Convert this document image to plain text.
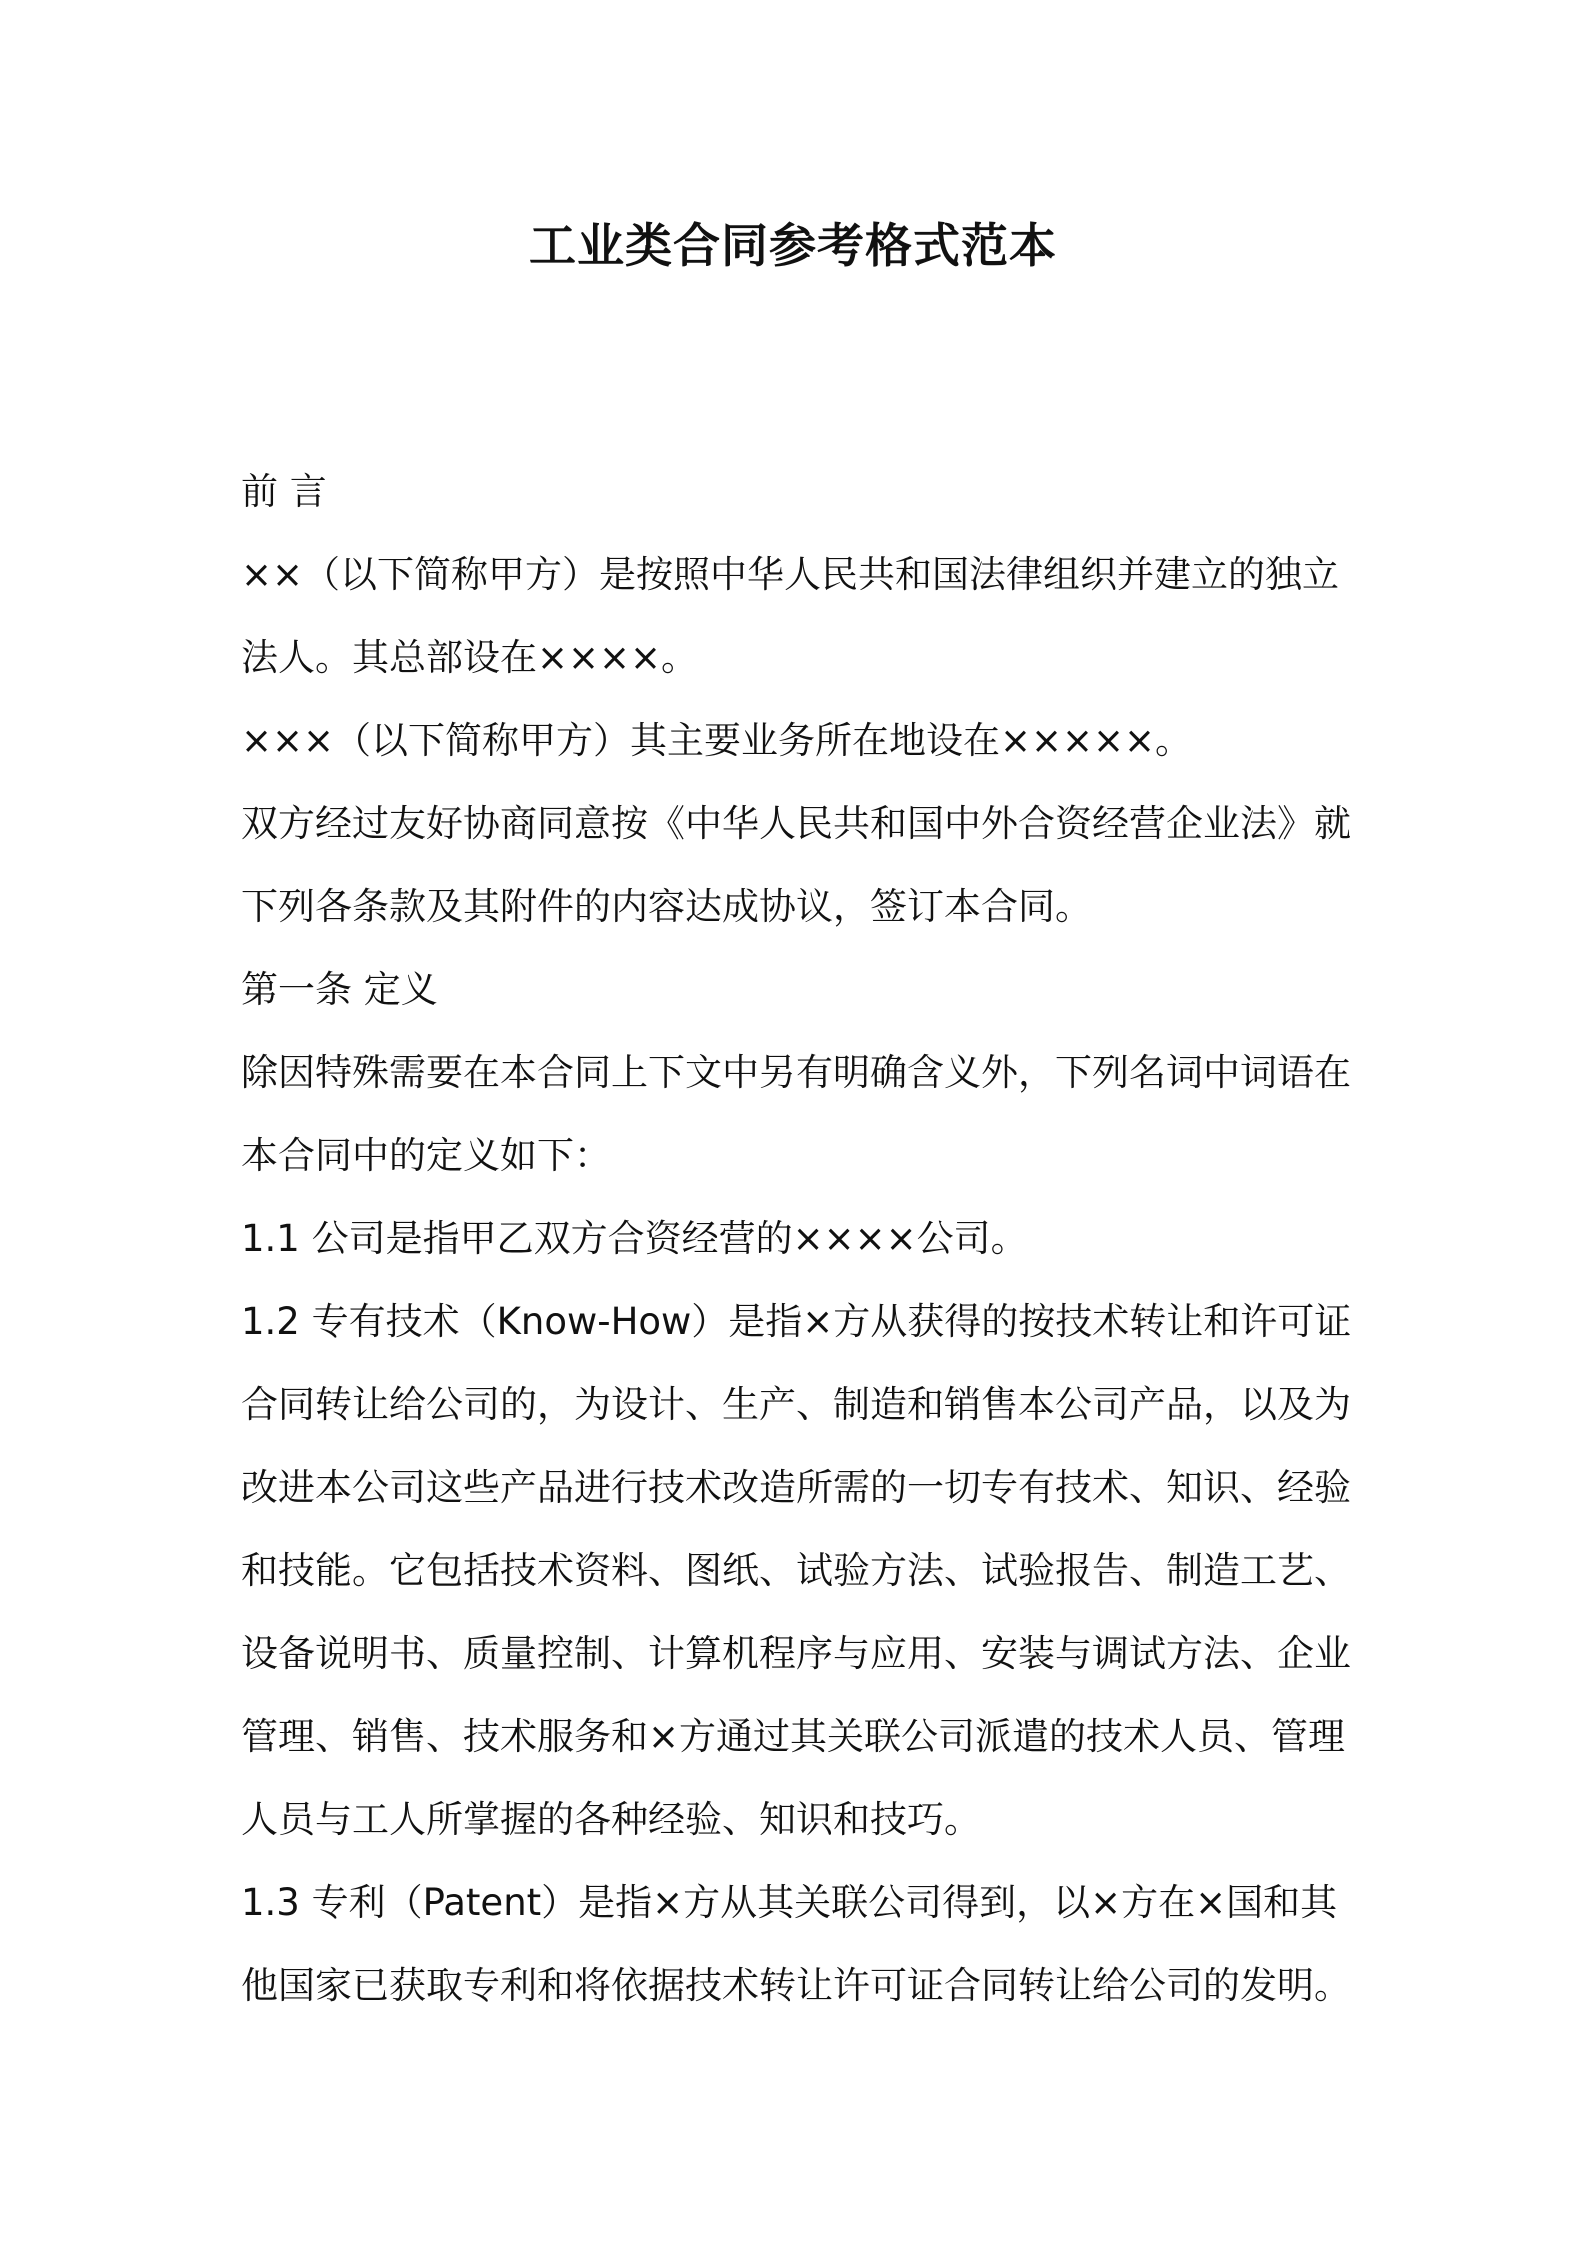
工业类合同参考格式范本
前 言
××（以下简称甲方）是按照中华人民共和国法律组织并建立的独立
法人。其总部设在××××。
×××（以下简称甲方）其主要业务所在地设在×××××。
双方经过友好协商同意按《中华人民共和国中外合资经营企业法》就
下列各条款及其附件的内容达成协议，签订本合同。
第一条 定义
除因特殊需要在本合同上下文中另有明确含义外，下列名词中词语在
本合同中的定义如下：
1.1 公司是指甲乙双方合资经营的××××公司。
1.2 专有技术（Know-How）是指×方从获得的按技术转让和许可证
合同转让给公司的，为设计、生产、制造和销售本公司产品，以及为
改进本公司这些产品进行技术改造所需的一切专有技术、知识、经验
和技能。它包括技术资料、图纸、试验方法、试验报告、制造工艺、
设备说明书、质量控制、计算机程序与应用、安装与调试方法、企业
管理、销售、技术服务和×方通过其关联公司派遣的技术人员、管理
人员与工人所掌握的各种经验、知识和技巧。
1.3 专利（Patent）是指×方从其关联公司得到，以×方在×国和其
他国家已获取专利和将依据技术转让许可证合同转让给公司的发明。
